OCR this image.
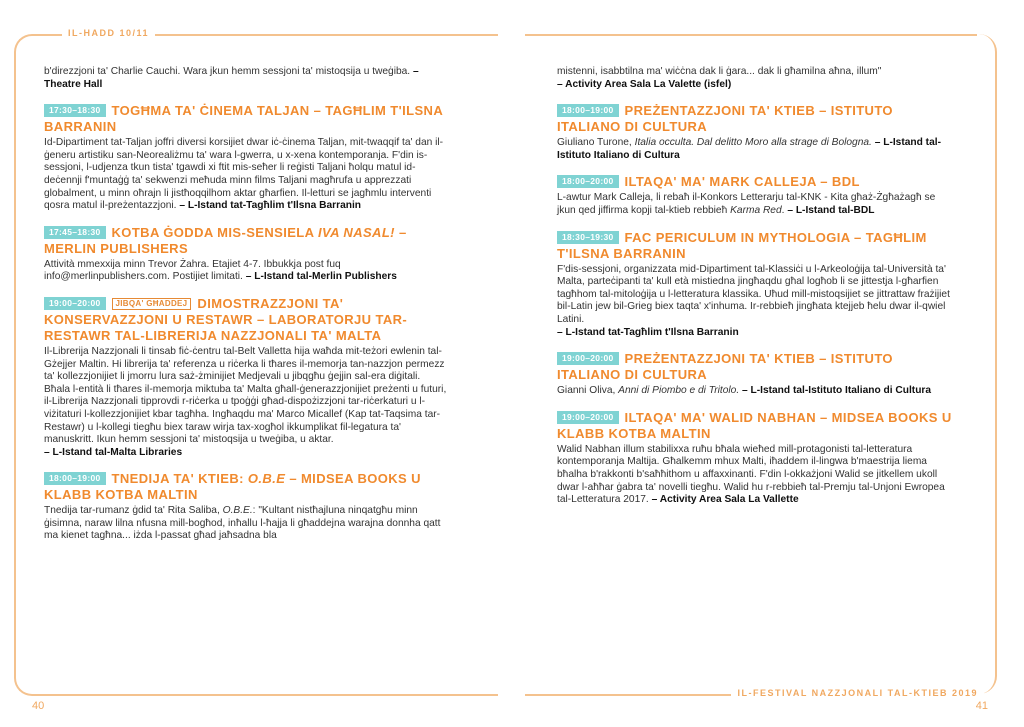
IL-HADD 10/11
IL-FESTIVAL NAZZJONALI TAL-KTIEB 2019
40	41

b'direzzjoni ta' Charlie Cauchi. Wara jkun hemm sessjoni ta' mistoqsija u tweġiba. – Theatre Hall

17:30–18:30 TOGĦMA TA' ĊINEMA TALJAN – TAGĦLIM T'ILSNA BARRANIN

Id-Dipartiment tat-Taljan joffri diversi korsijiet dwar iċ-ċinema Taljan, mit-twaqqif ta' dan il-ġeneru artistiku san-Neorealiżmu ta' wara l-gwerra, u x-xena kontemporanja. F'din is-sessjoni, l-udjenza tkun tista' tgawdi xi ftit mis-seħer li reġisti Taljani ħolqu matul id-deċennji f'muntaġġ ta' sekwenzi meħuda minn films Taljani magħrufa u apprezzati globalment, u minn oħrajn li jistħoqqilhom aktar għarfien. Il-letturi se jagħmlu interventi qosra matul il-preżentazzjoni. – L-Istand tat-Tagħlim t'Ilsna Barranin

17:45–18:30 KOTBA ĠODDA MIS-SENSIELA IVA NASAL! – MERLIN PUBLISHERS

Attività mmexxija minn Trevor Żahra. Etajiet 4-7. Ibbukkja post fuq info@merlinpublishers.com. Postijiet limitati. – L-Istand tal-Merlin Publishers

19:00–20:00 JIBQA' GĦADDEJ DIMOSTRAZZJONI TA' KONSERVAZZJONI U RESTAWR – LABORATORJU TAR-RESTAWR TAL-LIBRERIJA NAZZJONALI TA' MALTA

Il-Librerija Nazzjonali li tinsab fiċ-ċentru tal-Belt Valletta hija waħda mit-teżori ewlenin tal-Gżejjer Maltin. Hi librerija ta' referenza u riċerka li tħares il-memorja tan-nazzjon permezz ta' kollezzjonijiet li jmorru lura saż-żminijiet Medjevali u jibqgħu ġejjin sal-era diġitali. Bħala l-entità li tħares il-memorja miktuba ta' Malta għall-ġenerazzjonijiet preżenti u futuri, il-Librerija Nazzjonali tipprovdi r-riċerka u tpoġġi għad-dispożizzjoni tar-riċerkaturi u l-viżitaturi l-kollezzjonijiet kbar tagħha. Ingħaqdu ma' Marco Micallef (Kap tat-Taqsima tar-Restawr) u l-kollegi tiegħu biex taraw wirja tax-xogħol ikkumplikat fil-legatura ta' manuskritt. Ikun hemm sessjoni ta' mistoqsija u tweġiba, u aktar.
– L-Istand tal-Malta Libraries

18:00–19:00 TNEDIJA TA' KTIEB: O.B.E – MIDSEA BOOKS U KLABB KOTBA MALTIN

Tnedija tar-rumanz ġdid ta' Rita Saliba, O.B.E.: "Kultant nistħajluna ninqatgħu minn ġisimna, naraw lilna nfusna mill-bogħod, inħallu l-ħajja li għaddejna warajna donnha qatt ma kienet tagħna... iżda l-passat għad jaħsadna bla

mistenni, isabbtilna ma' wiċċna dak li ġara... dak li għamilna aħna, illum"
– Activity Area Sala La Valette (isfel)

18:00–19:00 PREŻENTAZZJONI TA' KTIEB – ISTITUTO ITALIANO DI CULTURA

Giuliano Turone, Italia occulta. Dal delitto Moro alla strage di Bologna. – L-Istand tal-Istituto Italiano di Cultura

18:00–20:00 ILTAQA' MA' MARK CALLEJA – BDL

L-awtur Mark Calleja, li rebaħ il-Konkors Letterarju tal-KNK - Kita għaż-Żgħażagħ se jkun qed jiffirma kopji tal-ktieb rebbieħ Karma Red. – L-Istand tal-BDL

18:30–19:30 FAC PERICULUM IN MYTHOLOGIA – TAGĦLIM T'ILSNA BARRANIN

F'dis-sessjoni, organizzata mid-Dipartiment tal-Klassiċi u l-Arkeoloġija tal-Università ta' Malta, parteċipanti ta' kull età mistiedna jingħaqdu għal logħob li se jittestja l-għarfien tagħhom tal-mitoloġija u l-letteratura klassika. Uħud mill-mistoqsijiet se jittrattaw frażijiet bil-Latin jew bil-Grieg biex taqta' x'inhuma. Ir-rebbieħ jingħata ktejjeb ħelu dwar il-qwiel Latini.
– L-Istand tat-Tagħlim t'Ilsna Barranin

19:00–20:00 PREŻENTAZZJONI TA' KTIEB – ISTITUTO ITALIANO DI CULTURA

Gianni Oliva, Anni di Piombo e di Tritolo. – L-Istand tal-Istituto Italiano di Cultura

19:00–20:00 ILTAQA' MA' WALID NABHAN – MIDSEA BOOKS U KLABB KOTBA MALTIN

Walid Nabhan illum stabilixxa ruħu bħala wieħed mill-protagonisti tal-letteratura kontemporanja Maltija. Għalkemm mhux Malti, iħaddem il-lingwa b'maestrija liema bħalha b'rakkonti b'saħħithom u affaxxinanti. F'din l-okkażjoni Walid se jitkellem ukoll dwar l-aħħar ġabra ta' novelli tiegħu. Walid hu r-rebbieħ tal-Premju tal-Unjoni Ewropea tal-Letteratura 2017. – Activity Area Sala La Vallette
